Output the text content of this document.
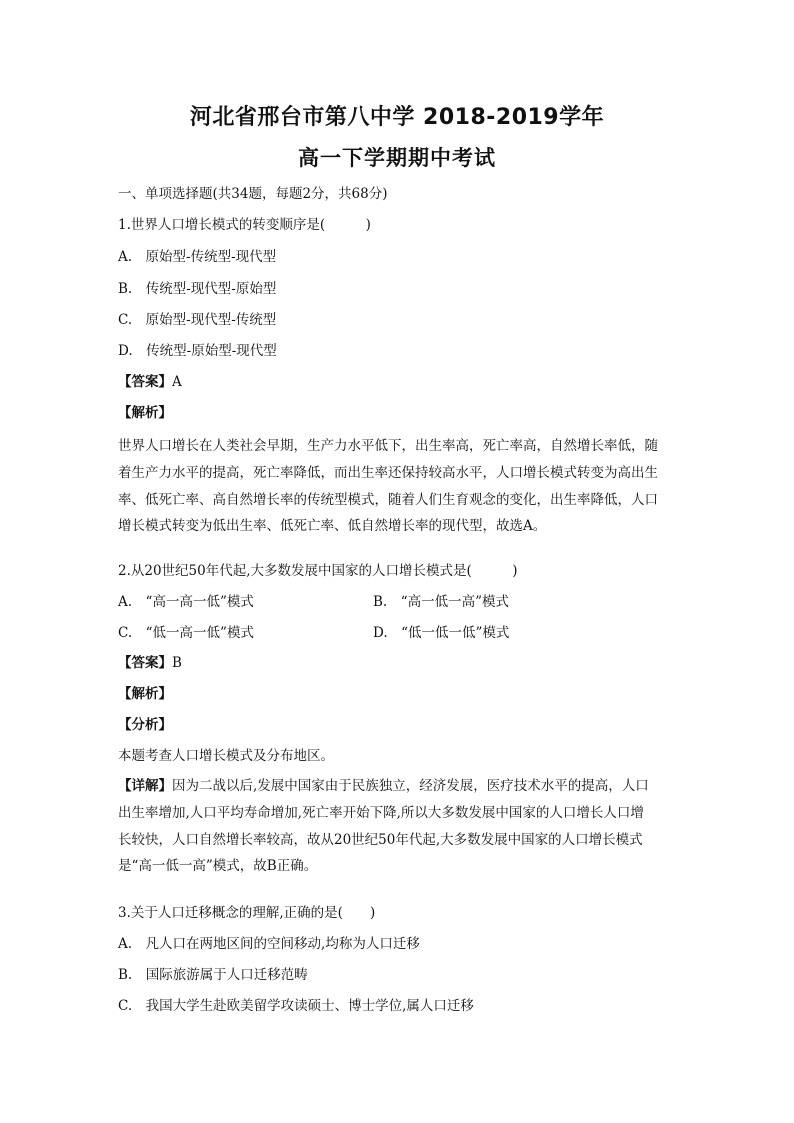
河北省邢台市第八中学 2018-2019学年
高一下学期期中考试
一、单项选择题(共34题，每题2分，共68分)
1.世界人口增长模式的转变顺序是(　　　)
A.　原始型-传统型-现代型
B.　传统型-现代型-原始型
C.　原始型-现代型-传统型
D.　传统型-原始型-现代型
【答案】A
【解析】

世界人口增长在人类社会早期，生产力水平低下，出生率高，死亡率高，自然增长率低，随

着生产力水平的提高，死亡率降低，而出生率还保持较高水平，人口增长模式转变为高出生

率、低死亡率、高自然增长率的传统型模式，随着人们生育观念的变化，出生率降低，人口

增长模式转变为低出生率、低死亡率、低自然增长率的现代型，故选A。

2.从20世纪50年代起,大多数发展中国家的人口增长模式是(　　　)
A.　“高一高一低”模式	B.　“高一低一高”模式
C.　“低一高一低”模式	D.　“低一低一低”模式
【答案】B
【解析】
【分析】
本题考查人口增长模式及分布地区。

【详解】因为二战以后,发展中国家由于民族独立，经济发展，医疗技术水平的提高，人口

出生率增加,人口平均寿命增加,死亡率开始下降,所以大多数发展中国家的人口增长人口增

长较快，人口自然增长率较高，故从20世纪50年代起,大多数发展中国家的人口增长模式

是“高一低一高”模式，故B正确。

3.关于人口迁移概念的理解,正确的是(　　)
A.　凡人口在两地区间的空间移动,均称为人口迁移
B.　国际旅游属于人口迁移范畴
C.　我国大学生赴欧美留学攻读硕士、博士学位,属人口迁移
